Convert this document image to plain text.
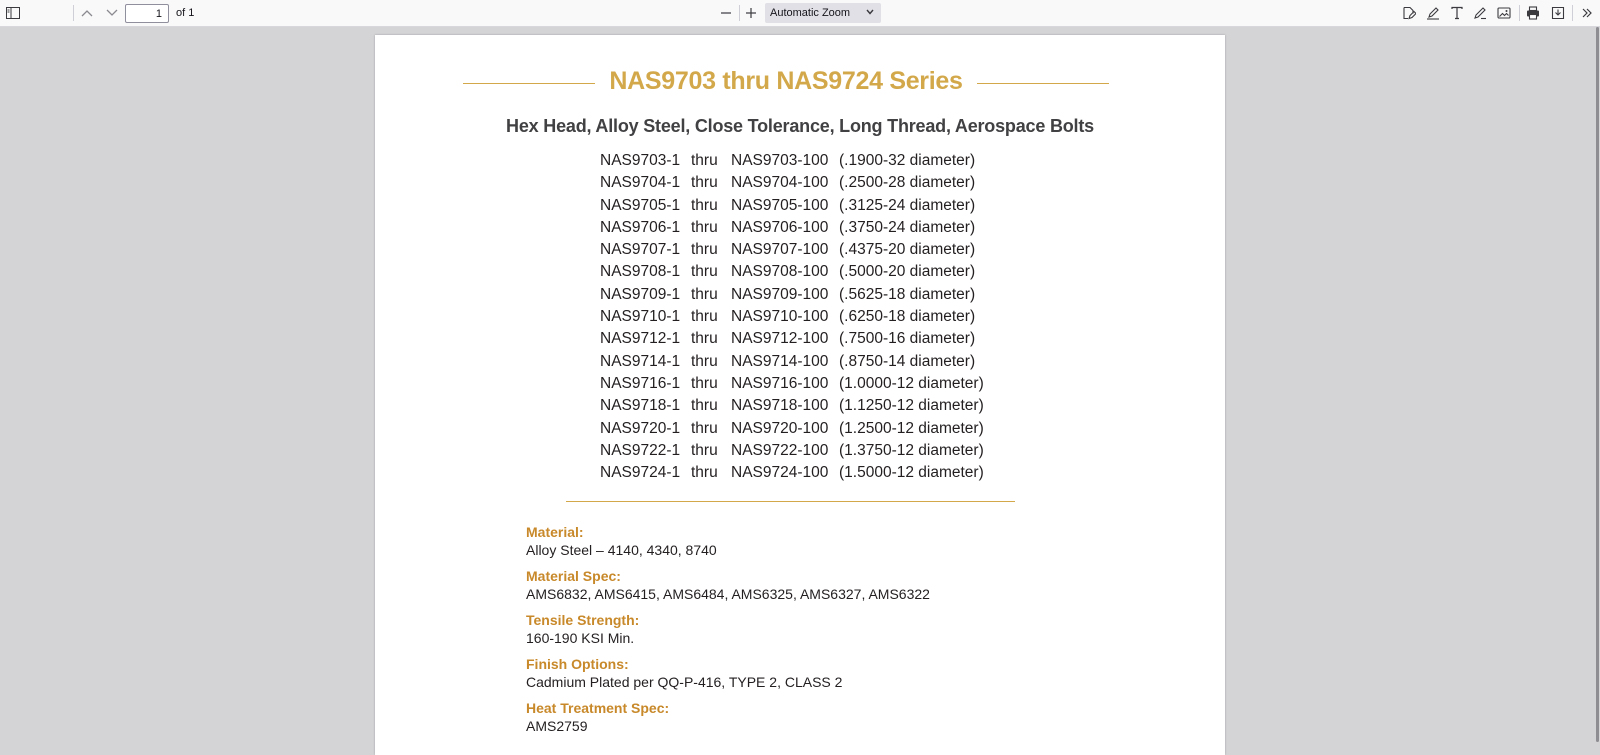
1
of 1	Automatic Zoom
NAS9703 thru NAS9724 Series
Hex Head, Alloy Steel, Close Tolerance, Long Thread, Aerospace Bolts
NAS9703-1 thru NAS9703-100 (.1900-32 diameter)
NAS9704-1 thru NAS9704-100 (.2500-28 diameter)
NAS9705-1 thru NAS9705-100 (.3125-24 diameter)
NAS9706-1 thru NAS9706-100 (.3750-24 diameter)
NAS9707-1 thru NAS9707-100 (.4375-20 diameter)
NAS9708-1 thru NAS9708-100 (.5000-20 diameter)
NAS9709-1 thru NAS9709-100 (.5625-18 diameter)
NAS9710-1 thru NAS9710-100 (.6250-18 diameter)
NAS9712-1 thru NAS9712-100 (.7500-16 diameter)
NAS9714-1 thru NAS9714-100 (.8750-14 diameter)
NAS9716-1 thru NAS9716-100 (1.0000-12 diameter)
NAS9718-1 thru NAS9718-100 (1.1250-12 diameter)
NAS9720-1 thru NAS9720-100 (1.2500-12 diameter)
NAS9722-1 thru NAS9722-100 (1.3750-12 diameter)
NAS9724-1 thru NAS9724-100 (1.5000-12 diameter)
Material:
Alloy Steel – 4140, 4340, 8740
Material Spec:
AMS6832, AMS6415, AMS6484, AMS6325, AMS6327, AMS6322
Tensile Strength:
160-190 KSI Min.
Finish Options:
Cadmium Plated per QQ-P-416, TYPE 2, CLASS 2
Heat Treatment Spec:
AMS2759
